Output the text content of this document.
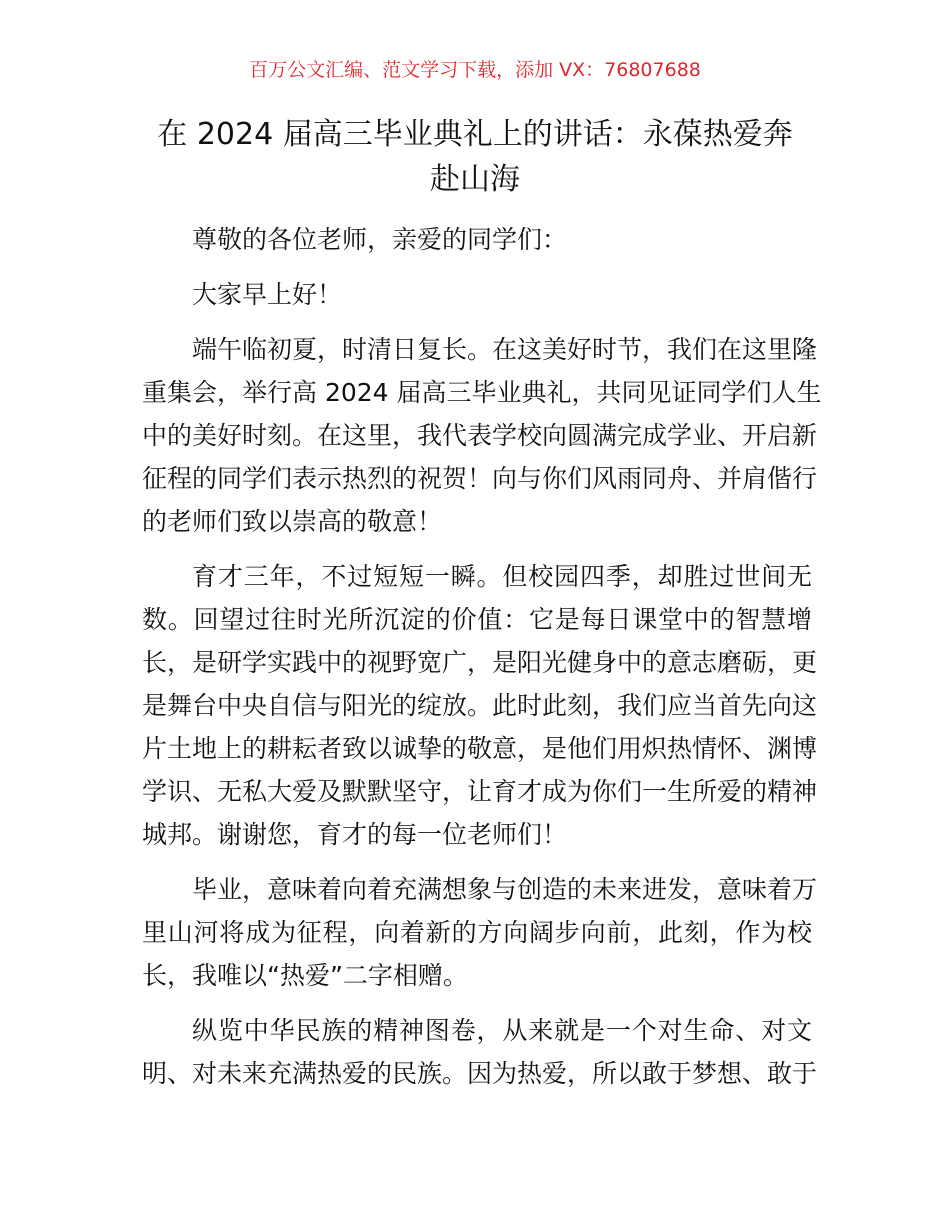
百万公文汇编、范文学习下载，添加 VX：76807688
在 2024 届高三毕业典礼上的讲话：永葆热爱奔
赴山海
尊敬的各位老师，亲爱的同学们：
大家早上好！
端午临初夏，时清日复长。在这美好时节，我们在这里隆
重集会，举行高 2024 届高三毕业典礼，共同见证同学们人生
中的美好时刻。在这里，我代表学校向圆满完成学业、开启新
征程的同学们表示热烈的祝贺！向与你们风雨同舟、并肩偕行
的老师们致以崇高的敬意！
育才三年，不过短短一瞬。但校园四季，却胜过世间无
数。回望过往时光所沉淀的价值：它是每日课堂中的智慧增
长，是研学实践中的视野宽广，是阳光健身中的意志磨砺，更
是舞台中央自信与阳光的绽放。此时此刻，我们应当首先向这
片土地上的耕耘者致以诚挚的敬意，是他们用炽热情怀、渊博
学识、无私大爱及默默坚守，让育才成为你们一生所爱的精神
城邦。谢谢您，育才的每一位老师们！
毕业，意味着向着充满想象与创造的未来进发，意味着万
里山河将成为征程，向着新的方向阔步向前，此刻，作为校
长，我唯以“热爱”二字相赠。
纵览中华民族的精神图卷，从来就是一个对生命、对文
明、对未来充满热爱的民族。因为热爱，所以敢于梦想、敢于
